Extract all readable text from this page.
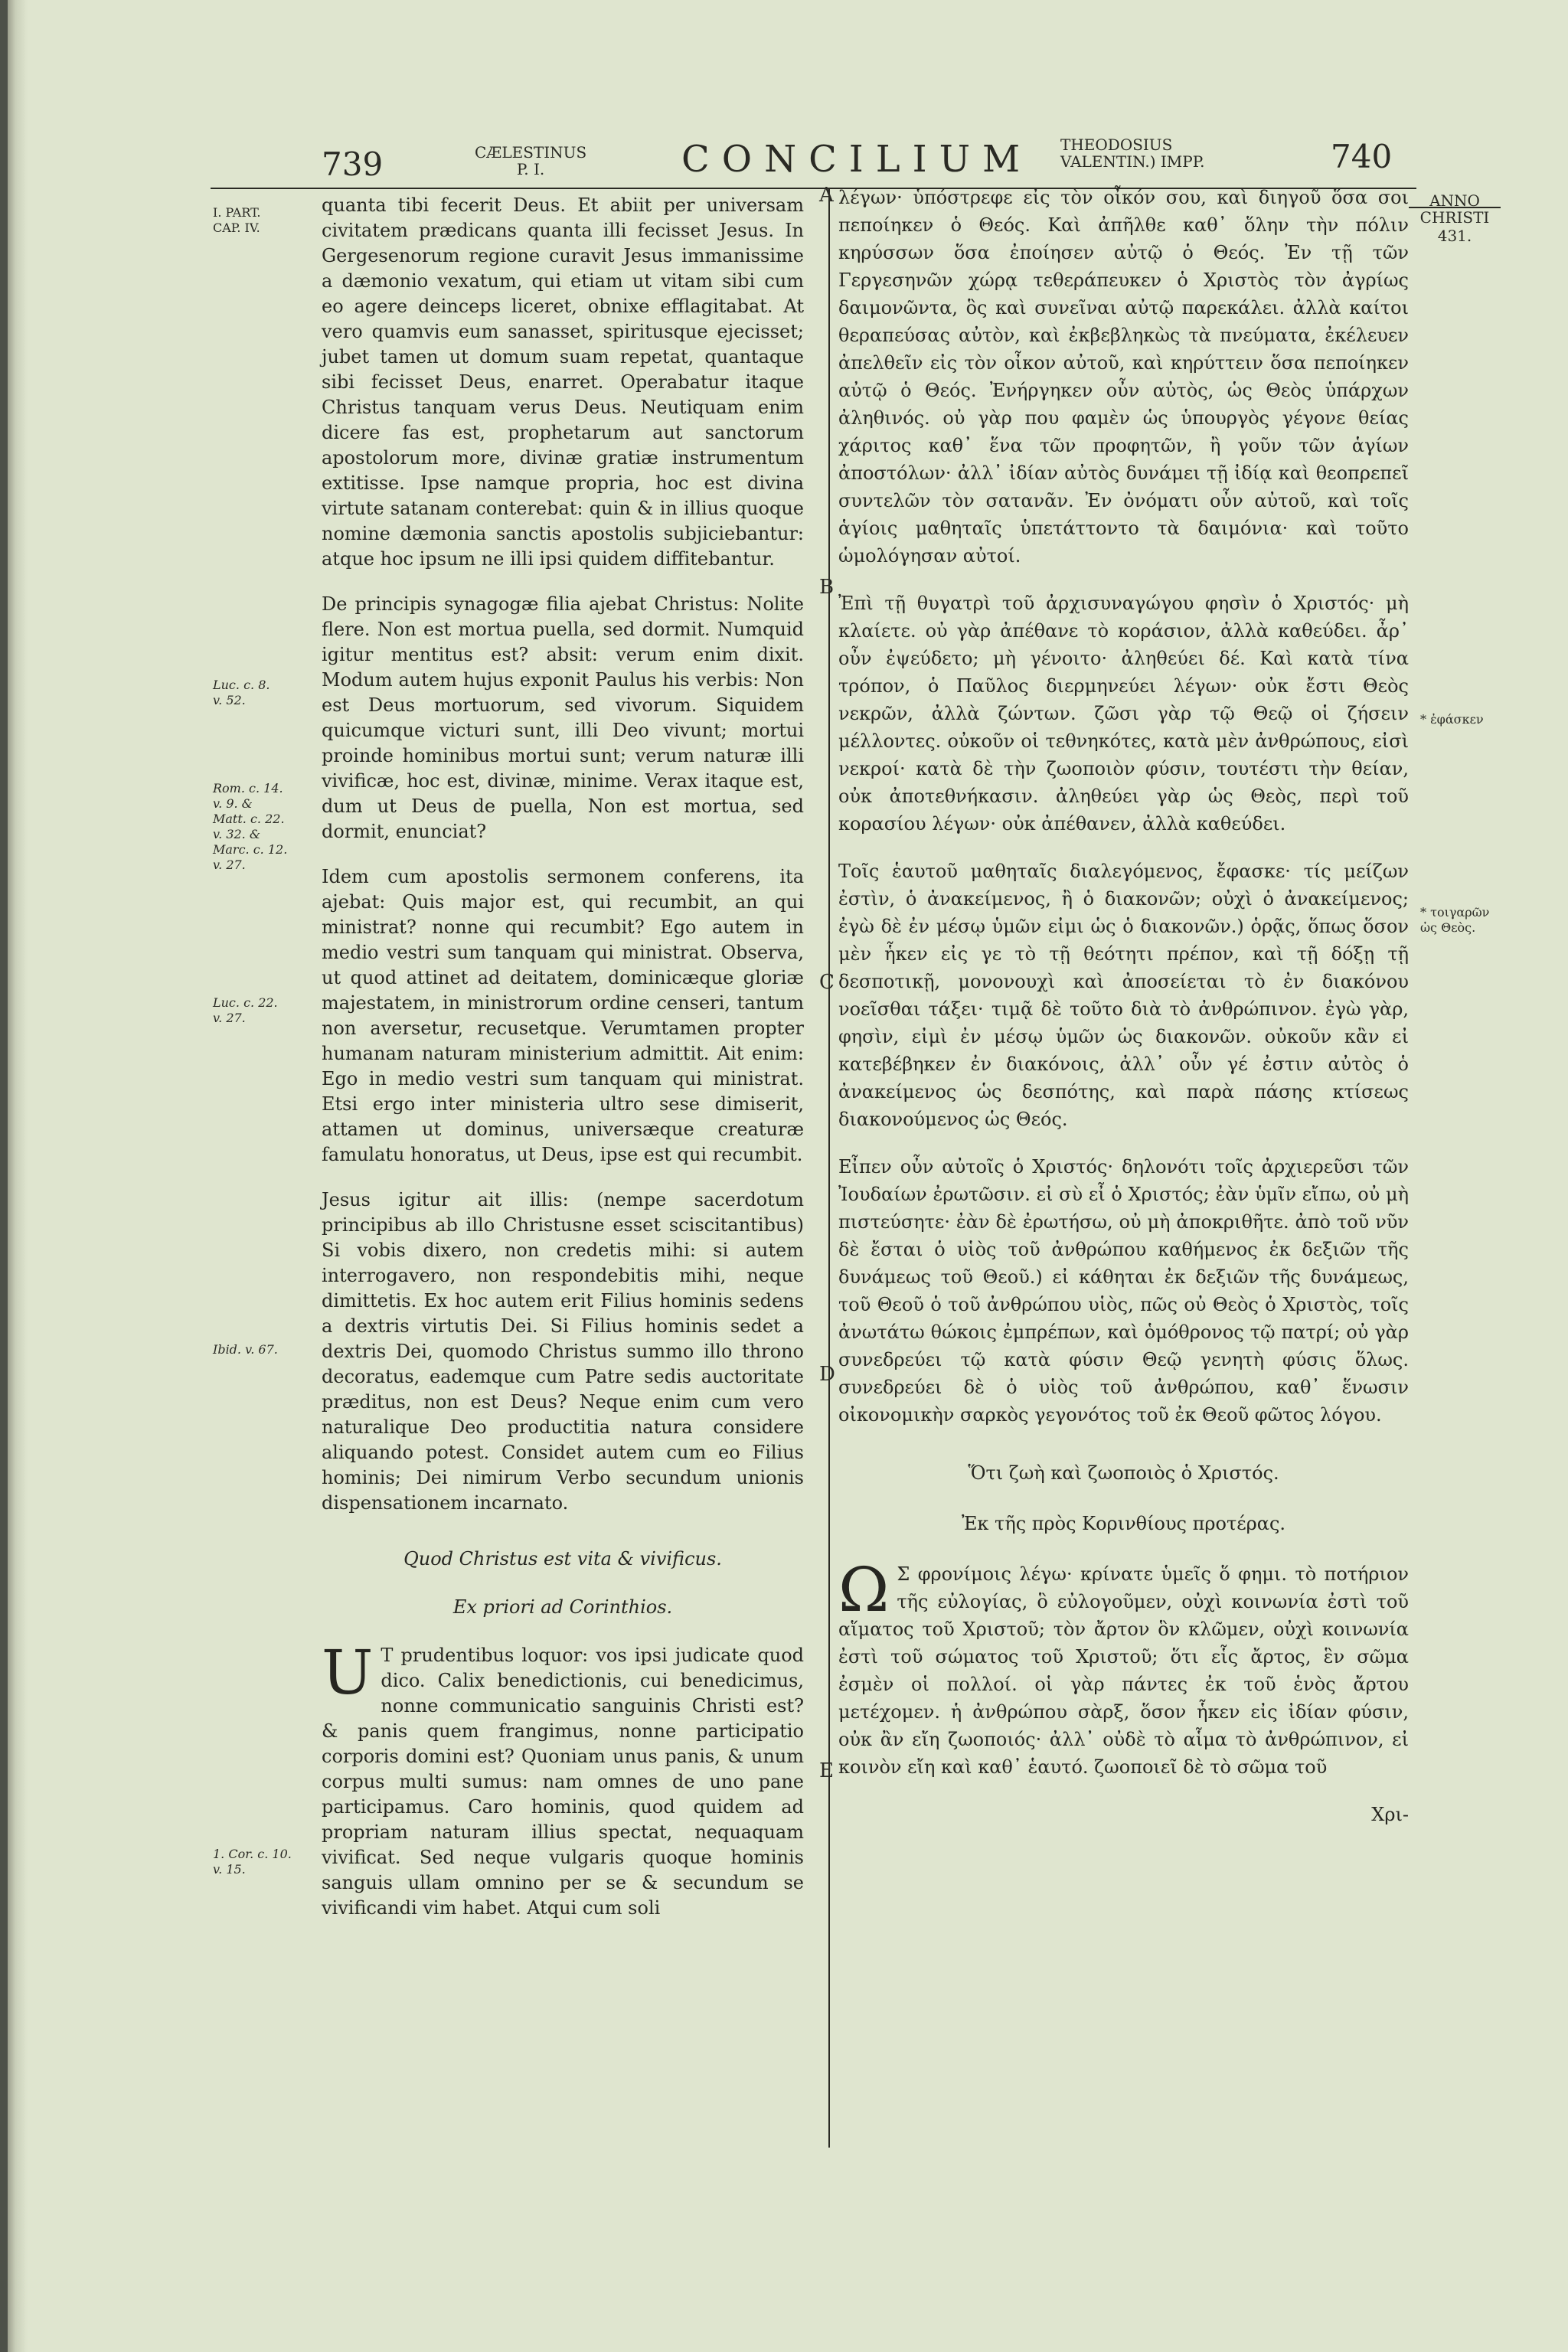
739	CÆLESTINUS
P. I.	CONCILIUM THEODOSIUS
VALENTIN.) IMPP.	740
ANNO
CHRISTI
431.
I. PART.
CAP. IV.
Luc. c. 8.
v. 52.
Rom. c. 14.
v. 9. &
Matt. c. 22.
v. 32. &
Marc. c. 12.
v. 27.
Luc. c. 22.
v. 27.
Ibid. v. 67.
1. Cor. c. 10.
v. 15.
* ἐφάσκεν
* τοιγαρῶν
ὡς Θεὸς.
A
B
C
D
E

quanta tibi fecerit Deus. Et abiit per universam civitatem prædicans quanta illi fecisset Jesus. In Gergesenorum regione curavit Jesus immanissime a dæmonio vexatum, qui etiam ut vitam sibi cum eo agere deinceps liceret, obnixe efflagitabat. At vero quamvis eum sanasset, spiritusque ejecisset; jubet tamen ut domum suam repetat, quantaque sibi fecisset Deus, enarret. Operabatur itaque Christus tanquam verus Deus. Neutiquam enim dicere fas est, prophetarum aut sanctorum apostolorum more, divinæ gratiæ instrumentum extitisse. Ipse namque propria, hoc est divina virtute satanam conterebat: quin & in illius quoque nomine dæmonia sanctis apostolis subjiciebantur: atque hoc ipsum ne illi ipsi quidem diffitebantur.

De principis synagogæ filia ajebat Christus: Nolite flere. Non est mortua puella, sed dormit. Numquid igitur mentitus est? absit: verum enim dixit. Modum autem hujus exponit Paulus his verbis: Non est Deus mortuorum, sed vivorum. Siquidem quicumque victuri sunt, illi Deo vivunt; mortui proinde hominibus mortui sunt; verum naturæ illi vivificæ, hoc est, divinæ, minime. Verax itaque est, dum ut Deus de puella, Non est mortua, sed dormit, enunciat?

Idem cum apostolis sermonem conferens, ita ajebat: Quis major est, qui recumbit, an qui ministrat? nonne qui recumbit? Ego autem in medio vestri sum tanquam qui ministrat. Observa, ut quod attinet ad deitatem, dominicæque gloriæ majestatem, in ministrorum ordine censeri, tantum non aversetur, recusetque. Verumtamen propter humanam naturam ministerium admittit. Ait enim: Ego in medio vestri sum tanquam qui ministrat. Etsi ergo inter ministeria ultro sese dimiserit, attamen ut dominus, universæque creaturæ famulatu honoratus, ut Deus, ipse est qui recumbit.

Jesus igitur ait illis: (nempe sacerdotum principibus ab illo Christusne esset sciscitantibus) Si vobis dixero, non credetis mihi: si autem interrogavero, non respondebitis mihi, neque dimittetis. Ex hoc autem erit Filius hominis sedens a dextris virtutis Dei. Si Filius hominis sedet a dextris Dei, quomodo Christus summo illo throno decoratus, eademque cum Patre sedis auctoritate præditus, non est Deus? Neque enim cum vero naturalique Deo productitia natura considere aliquando potest. Considet autem cum eo Filius hominis; Dei nimirum Verbo secundum unionis dispensationem incarnato.

Quod Christus est vita & vivificus.
Ex priori ad Corinthios.

U T prudentibus loquor: vos ipsi judicate quod dico. Calix benedictionis, cui benedicimus, nonne communicatio sanguinis Christi est? & panis quem frangimus, nonne participatio corporis domini est? Quoniam unus panis, & unum corpus multi sumus: nam omnes de uno pane participamus. Caro hominis, quod quidem ad propriam naturam illius spectat, nequaquam vivificat. Sed neque vulgaris quoque hominis sanguis ullam omnino per se & secundum se vivificandi vim habet. Atqui cum soli

λέγων· ὑπόστρεφε εἰς τὸν οἶκόν σου, καὶ διηγοῦ ὅσα σοι πεποίηκεν ὁ Θεός. Καὶ ἀπῆλθε καθ᾽ ὅλην τὴν πόλιν κηρύσσων ὅσα ἐποίησεν αὐτῷ ὁ Θεός. Ἐν τῇ τῶν Γεργεσηνῶν χώρᾳ τεθεράπευκεν ὁ Χριστὸς τὸν ἀγρίως δαιμονῶντα, ὃς καὶ συνεῖναι αὐτῷ παρεκάλει. ἀλλὰ καίτοι θεραπεύσας αὐτὸν, καὶ ἐκβεβληκὼς τὰ πνεύματα, ἐκέλευεν ἀπελθεῖν εἰς τὸν οἶκον αὐτοῦ, καὶ κηρύττειν ὅσα πεποίηκεν αὐτῷ ὁ Θεός. Ἐνήργηκεν οὖν αὐτὸς, ὡς Θεὸς ὑπάρχων ἀληθινός. οὐ γὰρ που φαμὲν ὡς ὑπουργὸς γέγονε θείας χάριτος καθ᾽ ἕνα τῶν προφητῶν, ἢ γοῦν τῶν ἁγίων ἀποστόλων· ἀλλ᾽ ἰδίαν αὐτὸς δυνάμει τῇ ἰδίᾳ καὶ θεοπρεπεῖ συντελῶν τὸν σατανᾶν. Ἐν ὀνόματι οὖν αὐτοῦ, καὶ τοῖς ἁγίοις μαθηταῖς ὑπετάττοντο τὰ δαιμόνια· καὶ τοῦτο ὡμολόγησαν αὐτοί.

Ἐπὶ τῇ θυγατρὶ τοῦ ἀρχισυναγώγου φησὶν ὁ Χριστός· μὴ κλαίετε. οὐ γὰρ ἀπέθανε τὸ κοράσιον, ἀλλὰ καθεύδει. ἆρ᾽ οὖν ἐψεύδετο; μὴ γένοιτο· ἀληθεύει δέ. Καὶ κατὰ τίνα τρόπον, ὁ Παῦλος διερμηνεύει λέγων· οὐκ ἔστι Θεὸς νεκρῶν, ἀλλὰ ζώντων. ζῶσι γὰρ τῷ Θεῷ οἱ ζήσειν μέλλοντες. οὐκοῦν οἱ τεθνηκότες, κατὰ μὲν ἀνθρώπους, εἰσὶ νεκροί· κατὰ δὲ τὴν ζωοποιὸν φύσιν, τουτέστι τὴν θείαν, οὐκ ἀποτεθνήκασιν. ἀληθεύει γὰρ ὡς Θεὸς, περὶ τοῦ κορασίου λέγων· οὐκ ἀπέθανεν, ἀλλὰ καθεύδει.

Τοῖς ἑαυτοῦ μαθηταῖς διαλεγόμενος, ἔφασκε· τίς μείζων ἐστὶν, ὁ ἀνακείμενος, ἢ ὁ διακονῶν; οὐχὶ ὁ ἀνακείμενος; ἐγὼ δὲ ἐν μέσῳ ὑμῶν εἰμι ὡς ὁ διακονῶν.) ὁρᾷς, ὅπως ὅσον μὲν ἧκεν εἰς γε τὸ τῇ θεότητι πρέπον, καὶ τῇ δόξῃ τῇ δεσποτικῇ, μονονουχὶ καὶ ἀποσείεται τὸ ἐν διακόνου νοεῖσθαι τάξει· τιμᾷ δὲ τοῦτο διὰ τὸ ἀνθρώπινον. ἐγὼ γὰρ, φησὶν, εἰμὶ ἐν μέσῳ ὑμῶν ὡς διακονῶν. οὐκοῦν κἂν εἰ κατεβέβηκεν ἐν διακόνοις, ἀλλ᾽ οὖν γέ ἐστιν αὐτὸς ὁ ἀνακείμενος ὡς δεσπότης, καὶ παρὰ πάσης κτίσεως διακονούμενος ὡς Θεός.

Εἶπεν οὖν αὐτοῖς ὁ Χριστός· δηλονότι τοῖς ἀρχιερεῦσι τῶν Ἰουδαίων ἐρωτῶσιν. εἰ σὺ εἶ ὁ Χριστός; ἐὰν ὑμῖν εἴπω, οὐ μὴ πιστεύσητε· ἐὰν δὲ ἐρωτήσω, οὐ μὴ ἀποκριθῆτε. ἀπὸ τοῦ νῦν δὲ ἔσται ὁ υἱὸς τοῦ ἀνθρώπου καθήμενος ἐκ δεξιῶν τῆς δυνάμεως τοῦ Θεοῦ.) εἰ κάθηται ἐκ δεξιῶν τῆς δυνάμεως, τοῦ Θεοῦ ὁ τοῦ ἀνθρώπου υἱὸς, πῶς οὐ Θεὸς ὁ Χριστὸς, τοῖς ἀνωτάτω θώκοις ἐμπρέπων, καὶ ὁμόθρονος τῷ πατρί; οὐ γὰρ συνεδρεύει τῷ κατὰ φύσιν Θεῷ γενητὴ φύσις ὅλως. συνεδρεύει δὲ ὁ υἱὸς τοῦ ἀνθρώπου, καθ᾽ ἕνωσιν οἰκονομικὴν σαρκὸς γεγονότος τοῦ ἐκ Θεοῦ φῶτος λόγου.

Ὅτι ζωὴ καὶ ζωοποιὸς ὁ Χριστός.
Ἐκ τῆς πρὸς Κορινθίους προτέρας.

Ω Σ φρονίμοις λέγω· κρίνατε ὑμεῖς ὅ φημι. τὸ ποτήριον τῆς εὐλογίας, ὃ εὐλογοῦμεν, οὐχὶ κοινωνία ἐστὶ τοῦ αἵματος τοῦ Χριστοῦ; τὸν ἄρτον ὃν κλῶμεν, οὐχὶ κοινωνία ἐστὶ τοῦ σώματος τοῦ Χριστοῦ; ὅτι εἷς ἄρτος, ἓν σῶμα ἐσμὲν οἱ πολλοί. οἱ γὰρ πάντες ἐκ τοῦ ἑνὸς ἄρτου μετέχομεν. ἡ ἀνθρώπου σὰρξ, ὅσον ἧκεν εἰς ἰδίαν φύσιν, οὐκ ἂν εἴη ζωοποιός· ἀλλ᾽ οὐδὲ τὸ αἷμα τὸ ἀνθρώπινον, εἰ κοινὸν εἴη καὶ καθ᾽ ἑαυτό. ζωοποιεῖ δὲ τὸ σῶμα τοῦ

Χρι-
